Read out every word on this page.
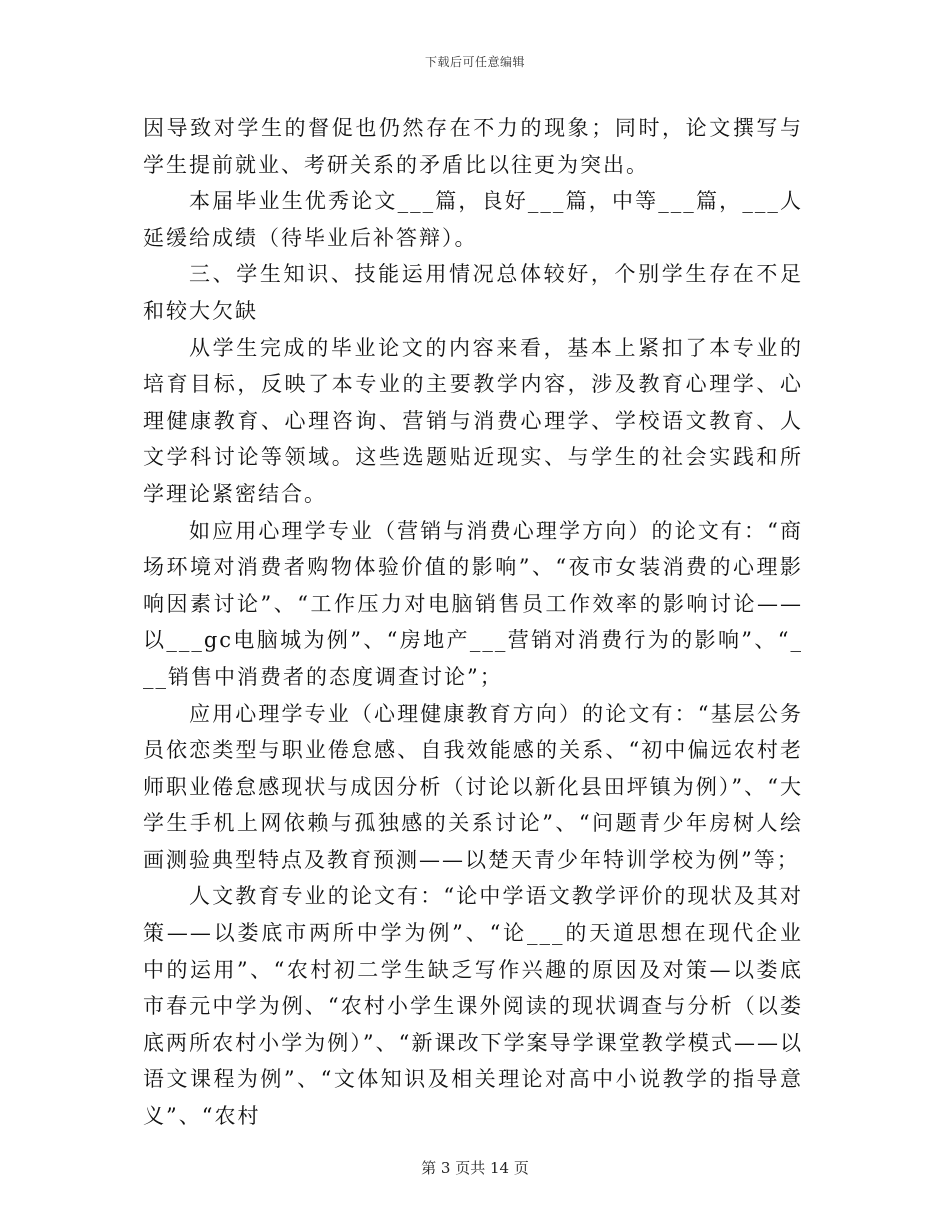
下载后可任意编辑

因导致对学生的督促也仍然存在不力的现象；同时，论文撰写与学生提前就业、考研关系的矛盾比以往更为突出。

本届毕业生优秀论文___篇，良好___篇，中等___篇，___人延缓给成绩（待毕业后补答辩）。

三、学生知识、技能运用情况总体较好，个别学生存在不足和较大欠缺

从学生完成的毕业论文的内容来看，基本上紧扣了本专业的培育目标，反映了本专业的主要教学内容，涉及教育心理学、心理健康教育、心理咨询、营销与消费心理学、学校语文教育、人文学科讨论等领域。这些选题贴近现实、与学生的社会实践和所学理论紧密结合。

如应用心理学专业（营销与消费心理学方向）的论文有：“商场环境对消费者购物体验价值的影响”、“夜市女装消费的心理影响因素讨论”、“工作压力对电脑销售员工作效率的影响讨论——以___gc电脑城为例”、“房地产___营销对消费行为的影响”、“___销售中消费者的态度调查讨论”；

应用心理学专业（心理健康教育方向）的论文有：“基层公务员依恋类型与职业倦怠感、自我效能感的关系、“初中偏远农村老师职业倦怠感现状与成因分析（讨论以新化县田坪镇为例）”、“大学生手机上网依赖与孤独感的关系讨论”、“问题青少年房树人绘画测验典型特点及教育预测——以楚天青少年特训学校为例”等；

人文教育专业的论文有：“论中学语文教学评价的现状及其对策——以娄底市两所中学为例”、“论___的天道思想在现代企业中的运用”、“农村初二学生缺乏写作兴趣的原因及对策—以娄底市春元中学为例、“农村小学生课外阅读的现状调查与分析（以娄底两所农村小学为例）”、“新课改下学案导学课堂教学模式——以语文课程为例”、“文体知识及相关理论对高中小说教学的指导意义”、“农村

第 3 页共 14 页
